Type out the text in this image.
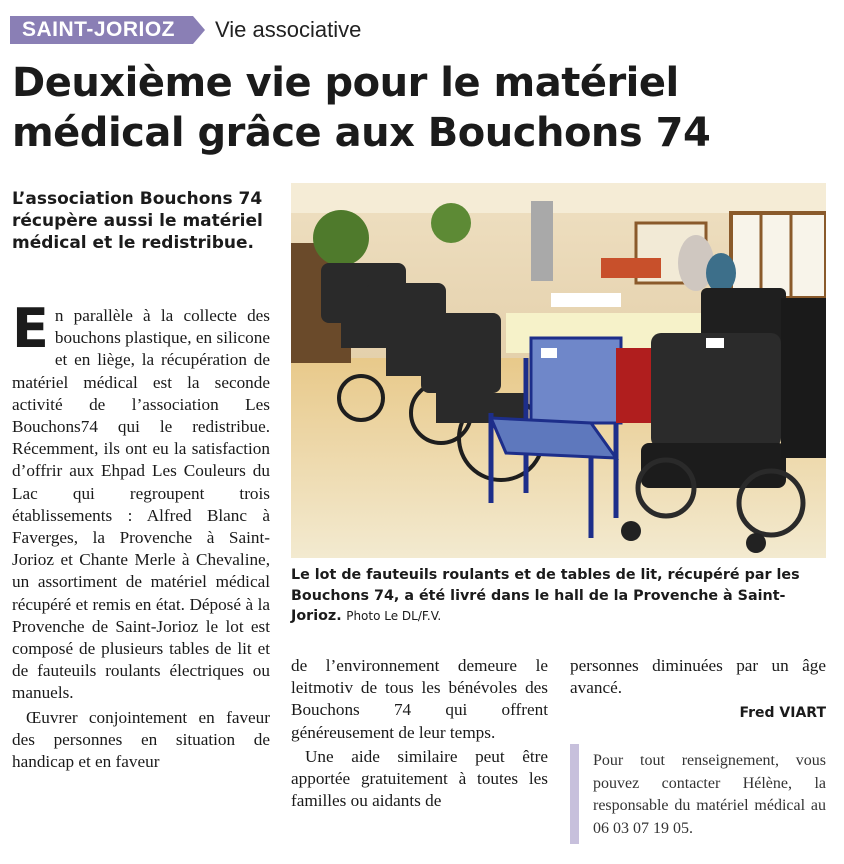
SAINT-JORIOZ	Vie associative
Deuxième vie pour le matériel médical grâce aux Bouchons 74

L’association Bouchons 74 récupère aussi le matériel médical et le redistribue.

En parallèle à la collecte des bouchons plastique, en silicone et en liège, la récupération de matériel médical est la seconde activité de l’association Les Bouchons74 qui le redistribue. Récemment, ils ont eu la satisfaction d’offrir aux Ehpad Les Couleurs du Lac qui regroupent trois établissements : Alfred Blanc à Faverges, la Provenche à Saint-Jorioz et Chante Merle à Chevaline, un assortiment de matériel médical récupéré et remis en état. Déposé à la Provenche de Saint-Jorioz le lot est composé de plusieurs tables de lit et de fauteuils roulants électriques ou manuels.

Œuvrer conjointement en faveur des personnes en situation de handicap et en faveur

Le lot de fauteuils roulants et de tables de lit, récupéré par les Bouchons 74, a été livré dans le hall de la Provenche à Saint-Jorioz. Photo Le DL/F.V.

de l’environnement demeure le leitmotiv de tous les bénévoles des Bouchons 74 qui offrent généreusement de leur temps.

Une aide similaire peut être apportée gratuitement à toutes les familles ou aidants de

personnes diminuées par un âge avancé.

Fred VIART
Pour tout renseignement, vous pouvez contacter Hélène, la responsable du matériel médical au 06 03 07 19 05.
